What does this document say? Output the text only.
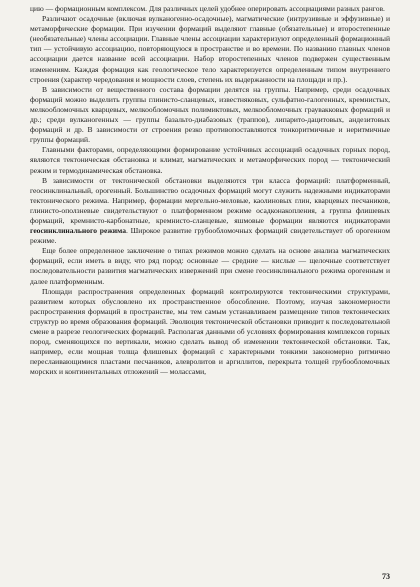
цию — формационным комплексом. Для различных целей удобнее оперировать ассоциациями разных рангов.

Различают осадочные (включая вулканогенно-осадочные), магматические (интрузивные и эффузивные) и метаморфические формации. При изучении формаций выделяют главные (обязательные) и второстепенные (необязательные) члены ассоциации. Главные члены ассоциации характеризуют определенный формационный тип — устойчивую ассоциацию, повторяющуюся в пространстве и во времени. По названию главных членов ассоциации дается название всей ассоциации. Набор второстепенных членов подвержен существенным изменениям. Каждая формация как геологическое тело характеризуется определенным типом внутреннего строения (характер чередования и мощности слоев, степень их выдержанности на площади и пр.).

В зависимости от вещественного состава формации делятся на группы. Например, среди осадочных формаций можно выделить группы глинисто-сланцевых, известняковых, сульфатно-галогенных, кремнистых, мелкообломочных кварцевых, мелкообломочных полимиктовых, мелкообломочных граувакковых формаций и др.; среди вулканогенных — группы базальто-диабазовых (траппов), липарито-дацитовых, андезитовых формаций и др. В зависимости от строения резко противопоставляются тонкоритмичные и неритмичные группы формаций.

Главными факторами, определяющими формирование устойчивых ассоциаций осадочных горных пород, являются тектоническая обстановка и климат, магматических и метаморфических пород — тектонический режим и термодинамическая обстановка.

В зависимости от тектонической обстановки выделяются три класса формаций: платформенный, геосинклинальный, орогенный. Большинство осадочных формаций могут служить надежными индикаторами тектонического режима. Например, формации мергельно-меловые, каолиновых глин, кварцевых песчаников, глинисто-оползневые свидетельствуют о платформенном режиме осадконакопления, а группа флишевых формаций, кремнисто-карбонатные, кремнисто-сланцевые, яшмовые формации являются индикаторами геосинклинального режима. Широкое развитие грубообломочных формаций свидетельствует об орогенном режиме.

Еще более определенное заключение о типах режимов можно сделать на основе анализа магматических формаций, если иметь в виду, что ряд пород: основные — средние — кислые — щелочные соответствует последовательности развития магматических извержений при смене геосинклинального режима орогенным и далее платформенным.

Площади распространения определенных формаций контролируются тектоническими структурами, развитием которых обусловлено их пространственное обособление. Поэтому, изучая закономерности распространения формаций в пространстве, мы тем самым устанавливаем размещение типов тектонических структур во время образования формаций. Эволюция тектонической обстановки приводит к последовательной смене в разрезе геологических формаций. Располагая данными об условиях формирования комплексов горных пород, сменяющихся по вертикали, можно сделать вывод об изменении тектонической обстановки. Так, например, если мощная толща флишевых формаций с характерными тонкими закономерно ритмично переслаивающимися пластами песчаников, алевролитов и аргиллитов, перекрыта толщей грубообломочных морских и континентальных отложений — молассами,

73
